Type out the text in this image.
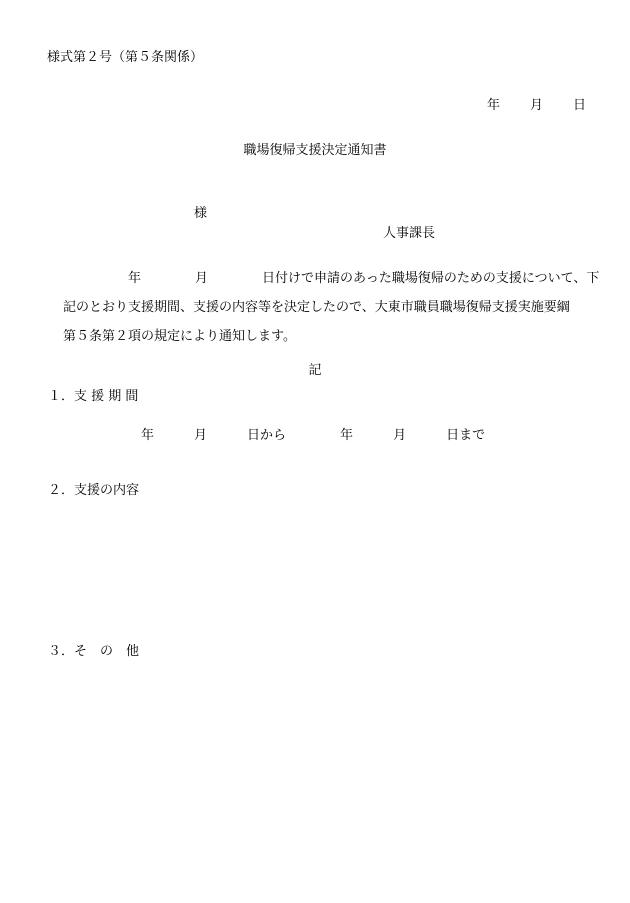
様式第２号（第５条関係）
年 月 日
職場復帰支援決定通知書
様
人事課長
年	月	日付けで申請のあった職場復帰のための支援について、下
記のとおり支援期間、支援の内容等を決定したので、大東市職員職場復帰支援実施要綱
第５条第２項の規定により通知します。
記
１．支 援 期 間
年	月	日から	年	月	日まで
２．支援の内容
３．そ　の　他
